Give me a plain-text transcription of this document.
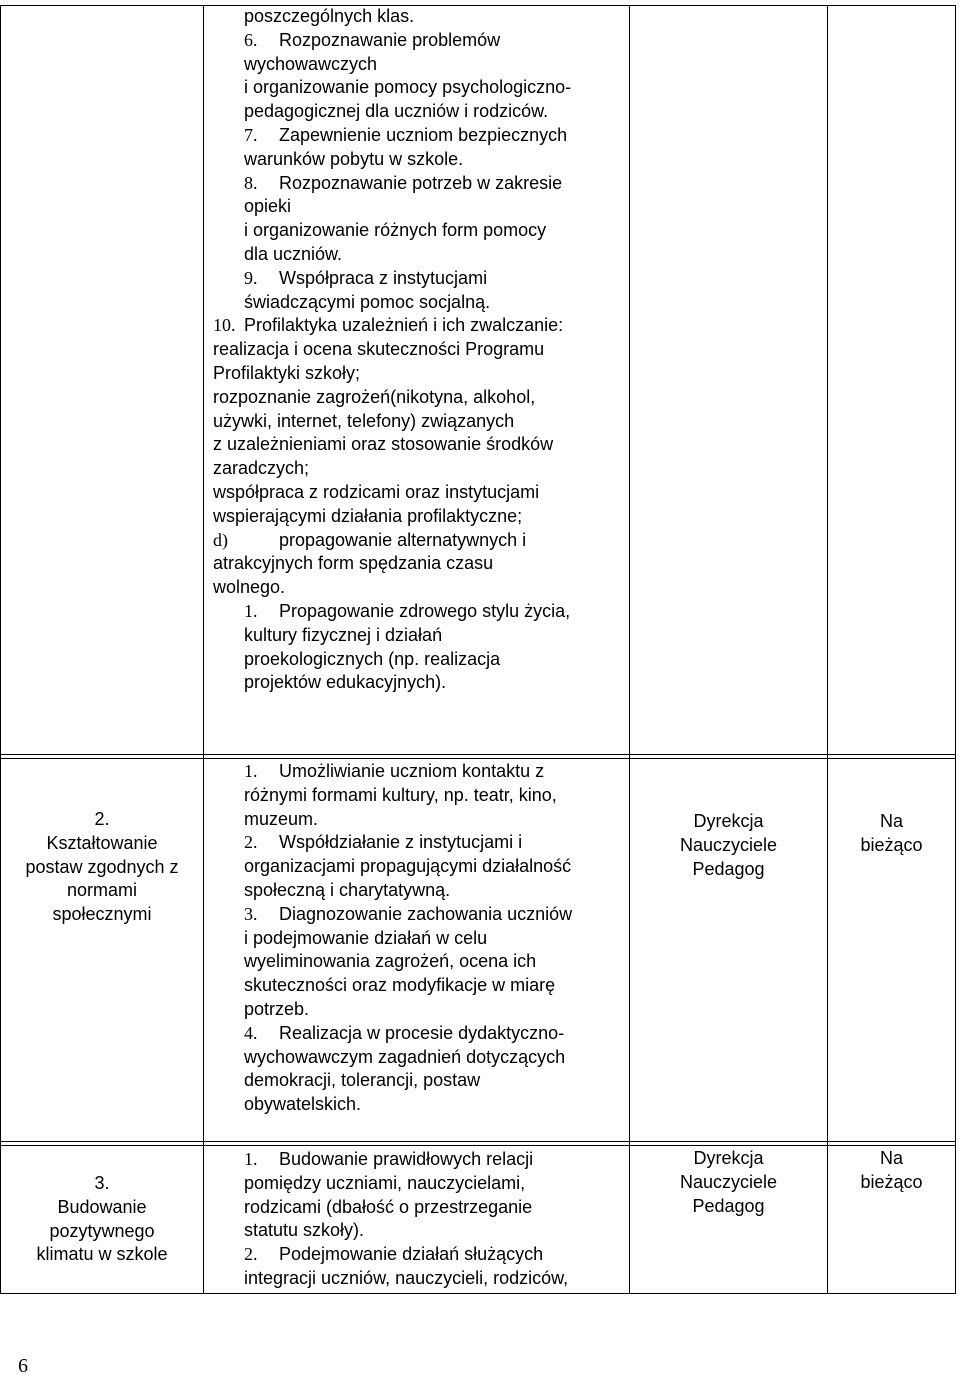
poszczególnych klas.
6. Rozpoznawanie problemów
wychowawczych
i organizowanie pomocy psychologiczno-
pedagogicznej dla uczniów i rodziców.
7. Zapewnienie uczniom bezpiecznych
warunków pobytu w szkole.
8. Rozpoznawanie potrzeb w zakresie
opieki
i organizowanie różnych form pomocy
dla uczniów.
9. Współpraca z instytucjami
świadczącymi pomoc socjalną.
10. Profilaktyka uzależnień i ich zwalczanie:
realizacja i ocena skuteczności Programu
Profilaktyki szkoły;
rozpoznanie zagrożeń(nikotyna, alkohol,
używki, internet, telefony) związanych
z uzależnieniami oraz stosowanie środków
zaradczych;
współpraca z rodzicami oraz instytucjami
wspierającymi działania profilaktyczne;
d)	propagowanie alternatywnych i
atrakcyjnych form spędzania czasu
wolnego.
1. Propagowanie zdrowego stylu życia,
kultury fizycznej i działań
proekologicznych (np. realizacja
projektów edukacyjnych).
1. Umożliwianie uczniom kontaktu z
różnymi formami kultury, np. teatr, kino,
muzeum.
2. Współdziałanie z instytucjami i
organizacjami propagującymi działalność
społeczną i charytatywną.
3. Diagnozowanie zachowania uczniów
i podejmowanie działań w celu
wyeliminowania zagrożeń, ocena ich
skuteczności oraz modyfikacje w miarę
potrzeb.
4. Realizacja w procesie dydaktyczno-
wychowawczym zagadnień dotyczących
demokracji, tolerancji, postaw
obywatelskich.
2.
Kształtowanie
postaw zgodnych z
normami
społecznymi
Dyrekcja
Nauczyciele
Pedagog
Na
bieżąco
1. Budowanie prawidłowych relacji
pomiędzy uczniami, nauczycielami,
rodzicami (dbałość o przestrzeganie
statutu szkoły).
2. Podejmowanie działań służących
integracji uczniów, nauczycieli, rodziców,
3.
Budowanie
pozytywnego
klimatu w szkole
Dyrekcja
Nauczyciele
Pedagog
Na
bieżąco
6
